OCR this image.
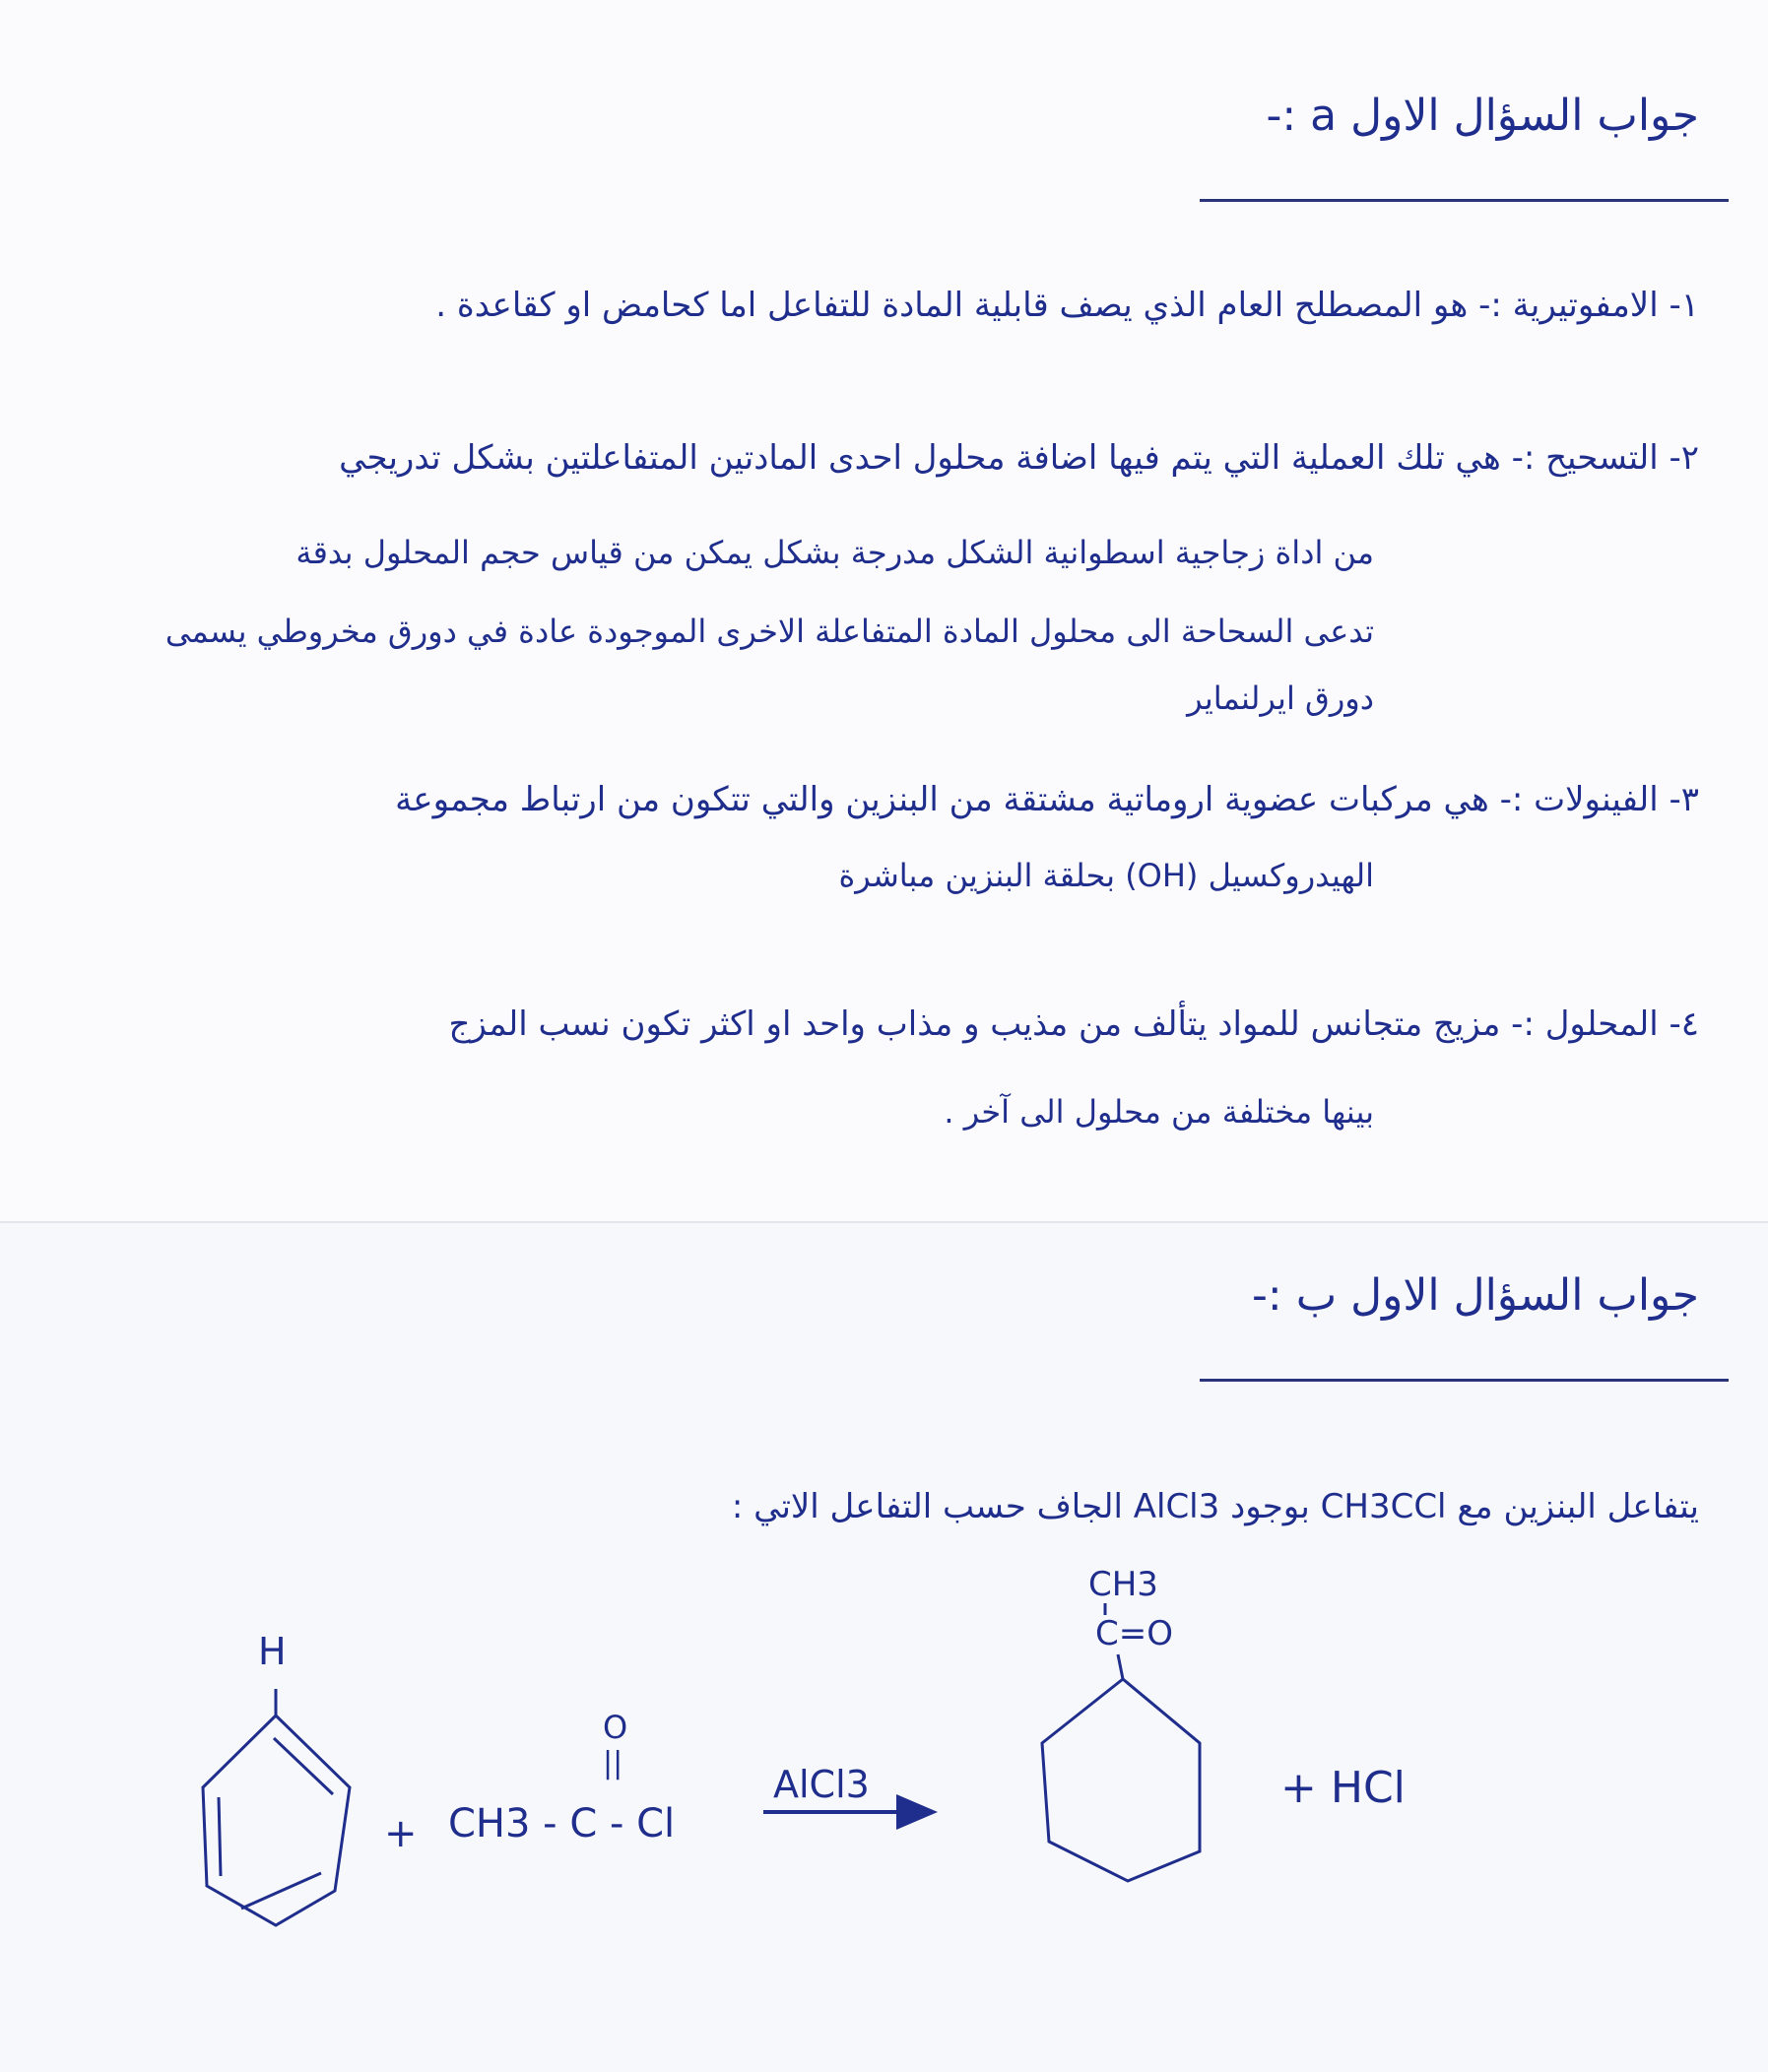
جواب السؤال الاول a :-
١- الامفوتيرية :- هو المصطلح العام الذي يصف قابلية المادة للتفاعل اما كحامض او كقاعدة .
٢- التسحيح :- هي تلك العملية التي يتم فيها اضافة محلول احدى المادتين المتفاعلتين بشكل تدريجي
من اداة زجاجية اسطوانية الشكل مدرجة بشكل يمكن من قياس حجم المحلول بدقة
تدعى السحاحة الى محلول المادة المتفاعلة الاخرى الموجودة عادة في دورق مخروطي يسمى
دورق ايرلنماير
٣- الفينولات :- هي مركبات عضوية اروماتية مشتقة من البنزين والتي تتكون من ارتباط مجموعة
الهيدروكسيل (OH) بحلقة البنزين مباشرة
٤- المحلول :- مزيج متجانس للمواد يتألف من مذيب و مذاب واحد او اكثر تكون نسب المزج
بينها مختلفة من محلول الى آخر .
جواب السؤال الاول ب :-
يتفاعل البنزين مع CH3CCl بوجود AlCl3 الجاف حسب التفاعل الاتي :
H
+
O
||
CH3 - C - Cl
AlCl3
CH3
C=O
+ HCl
